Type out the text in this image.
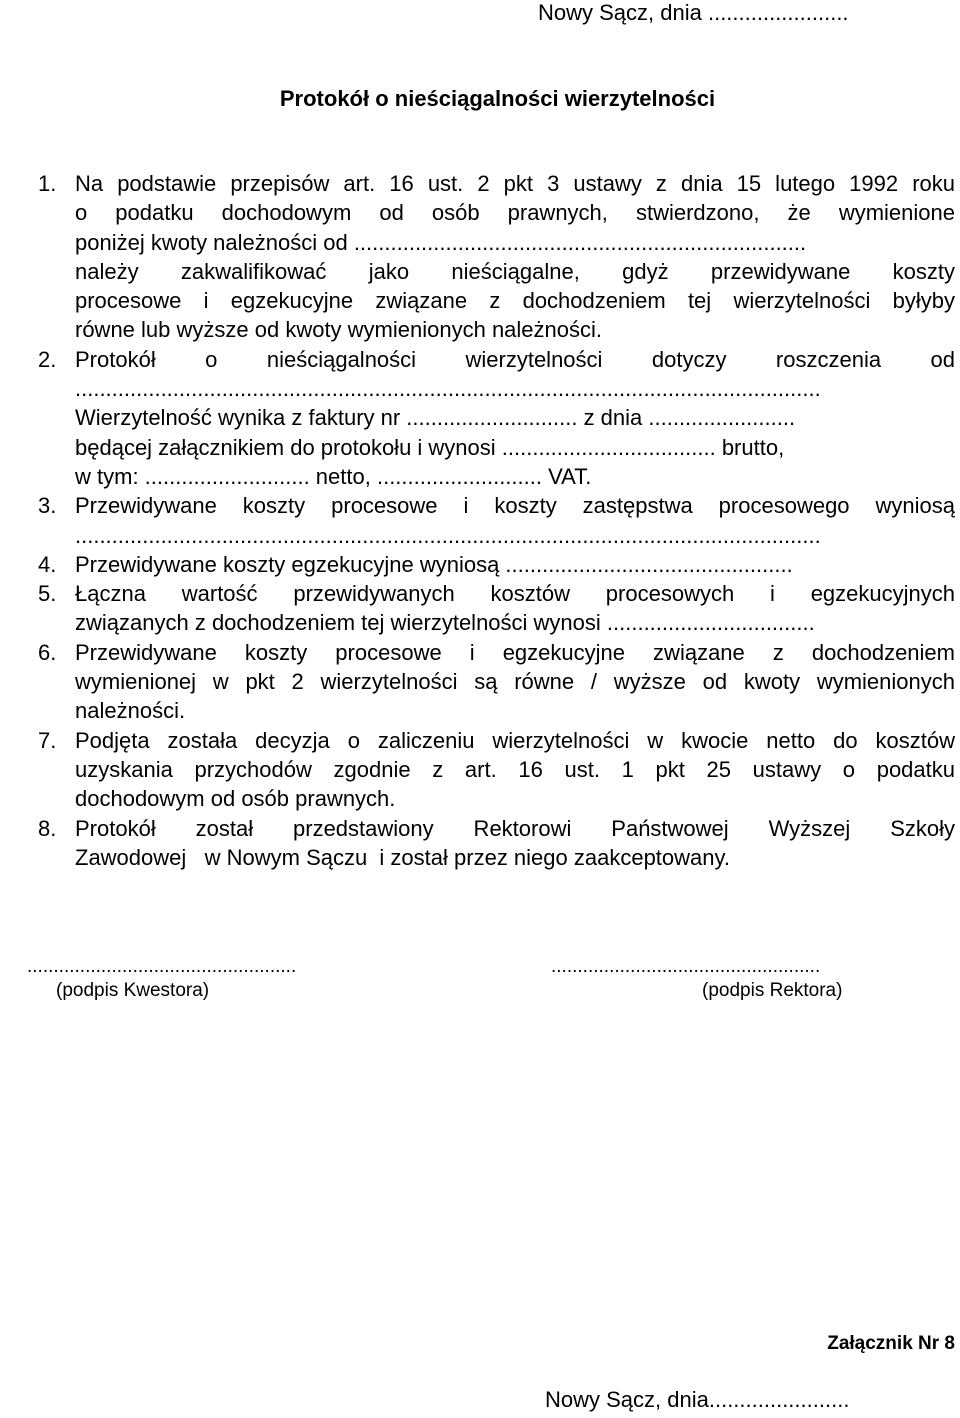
Nowy Sącz, dnia .......................
Protokół o nieściągalności wierzytelności
1. Na podstawie przepisów art. 16 ust. 2 pkt 3 ustawy z dnia 15 lutego 1992 roku
o podatku dochodowym od osób prawnych, stwierdzono, że wymienione
poniżej kwoty należności od ..........................................................................
należy zakwalifikować jako nieściągalne, gdyż przewidywane koszty
procesowe i egzekucyjne związane z dochodzeniem tej wierzytelności byłyby
równe lub wyższe od kwoty wymienionych należności.
2. Protokół o nieściągalności wierzytelności dotyczy roszczenia od
..........................................................................................................................
Wierzytelność wynika z faktury nr ............................ z dnia ........................
będącej załącznikiem do protokołu i wynosi ................................... brutto,
w tym: ........................... netto, ........................... VAT.
3. Przewidywane koszty procesowe i koszty zastępstwa procesowego wyniosą
..........................................................................................................................
4. Przewidywane koszty egzekucyjne wyniosą ...............................................
5. Łączna wartość przewidywanych kosztów procesowych i egzekucyjnych
związanych z dochodzeniem tej wierzytelności wynosi ..................................
6. Przewidywane koszty procesowe i egzekucyjne związane z dochodzeniem
wymienionej w pkt 2 wierzytelności są równe / wyższe od kwoty wymienionych
należności.
7. Podjęta została decyzja o zaliczeniu wierzytelności w kwocie netto do kosztów
uzyskania przychodów zgodnie z art. 16 ust. 1 pkt 25 ustawy o podatku
dochodowym od osób prawnych.
8. Protokół został przedstawiony Rektorowi Państwowej Wyższej Szkoły
Zawodowej   w Nowym Sączu  i został przez niego zaakceptowany.
...................................................
(podpis Kwestora)
...................................................
(podpis Rektora)
Załącznik Nr 8
Nowy Sącz, dnia.......................
